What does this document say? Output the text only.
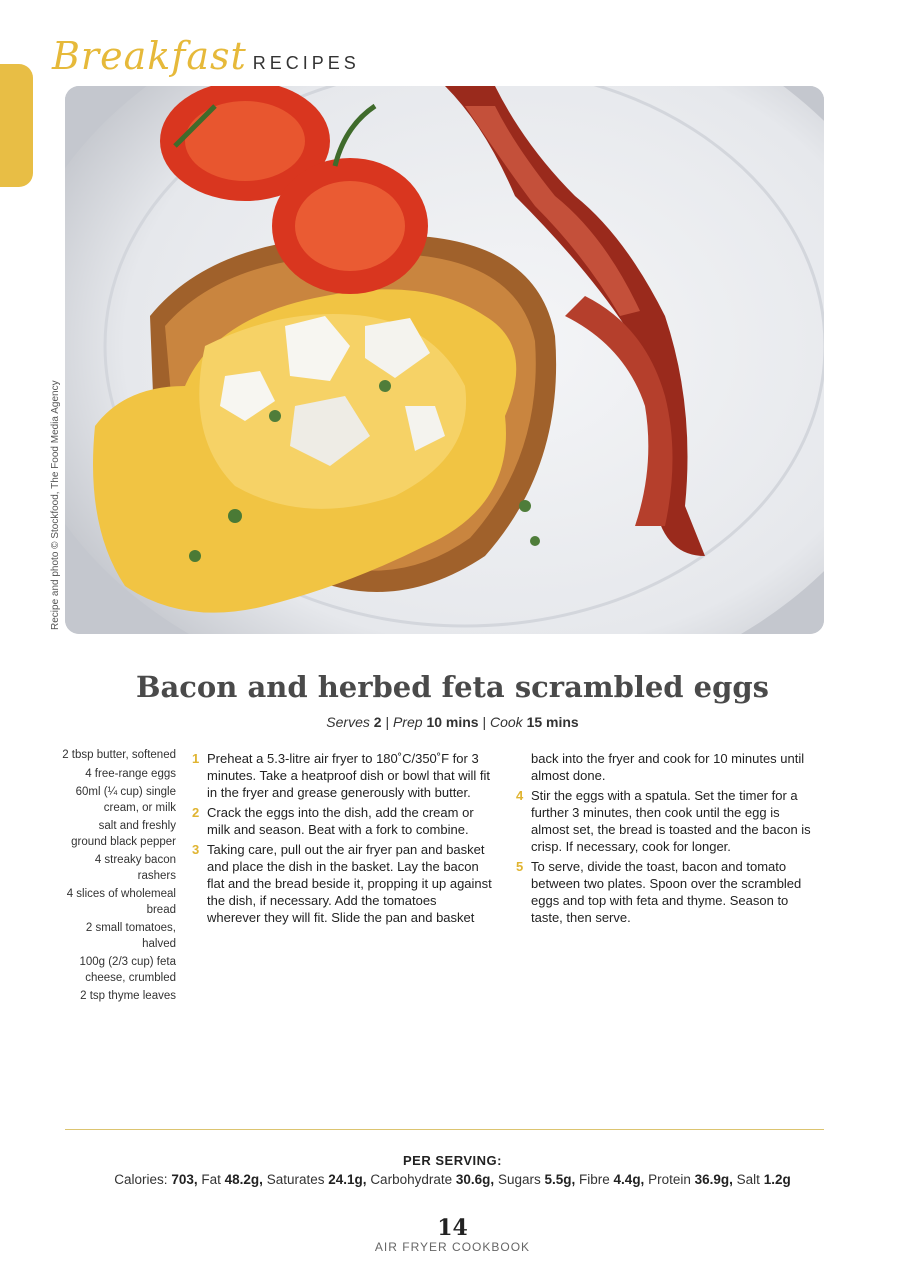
Breakfast RECIPES
Recipe and photo © Stockfood, The Food Media Agency
Bacon and herbed feta scrambled eggs
Serves 2 | Prep 10 mins | Cook 15 mins
2 tbsp butter, softened
4 free-range eggs
60ml (¼ cup) single cream, or milk
salt and freshly ground black pepper
4 streaky bacon rashers
4 slices of wholemeal bread
2 small tomatoes, halved
100g (2/3 cup) feta cheese, crumbled
2 tsp thyme leaves
1 Preheat a 5.3-litre air fryer to 180˚C/350˚F for 3 minutes. Take a heatproof dish or bowl that will fit in the fryer and grease generously with butter.
2 Crack the eggs into the dish, add the cream or milk and season. Beat with a fork to combine.
3 Taking care, pull out the air fryer pan and basket and place the dish in the basket. Lay the bacon flat and the bread beside it, propping it up against the dish, if necessary. Add the tomatoes wherever they will fit. Slide the pan and basket
back into the fryer and cook for 10 minutes until almost done.
4 Stir the eggs with a spatula. Set the timer for a further 3 minutes, then cook until the egg is almost set, the bread is toasted and the bacon is crisp. If necessary, cook for longer.
5 To serve, divide the toast, bacon and tomato between two plates. Spoon over the scrambled eggs and top with feta and thyme. Season to taste, then serve.
PER SERVING:
Calories: 703, Fat 48.2g, Saturates 24.1g, Carbohydrate 30.6g, Sugars 5.5g, Fibre 4.4g, Protein 36.9g, Salt 1.2g
14
AIR FRYER COOKBOOK
